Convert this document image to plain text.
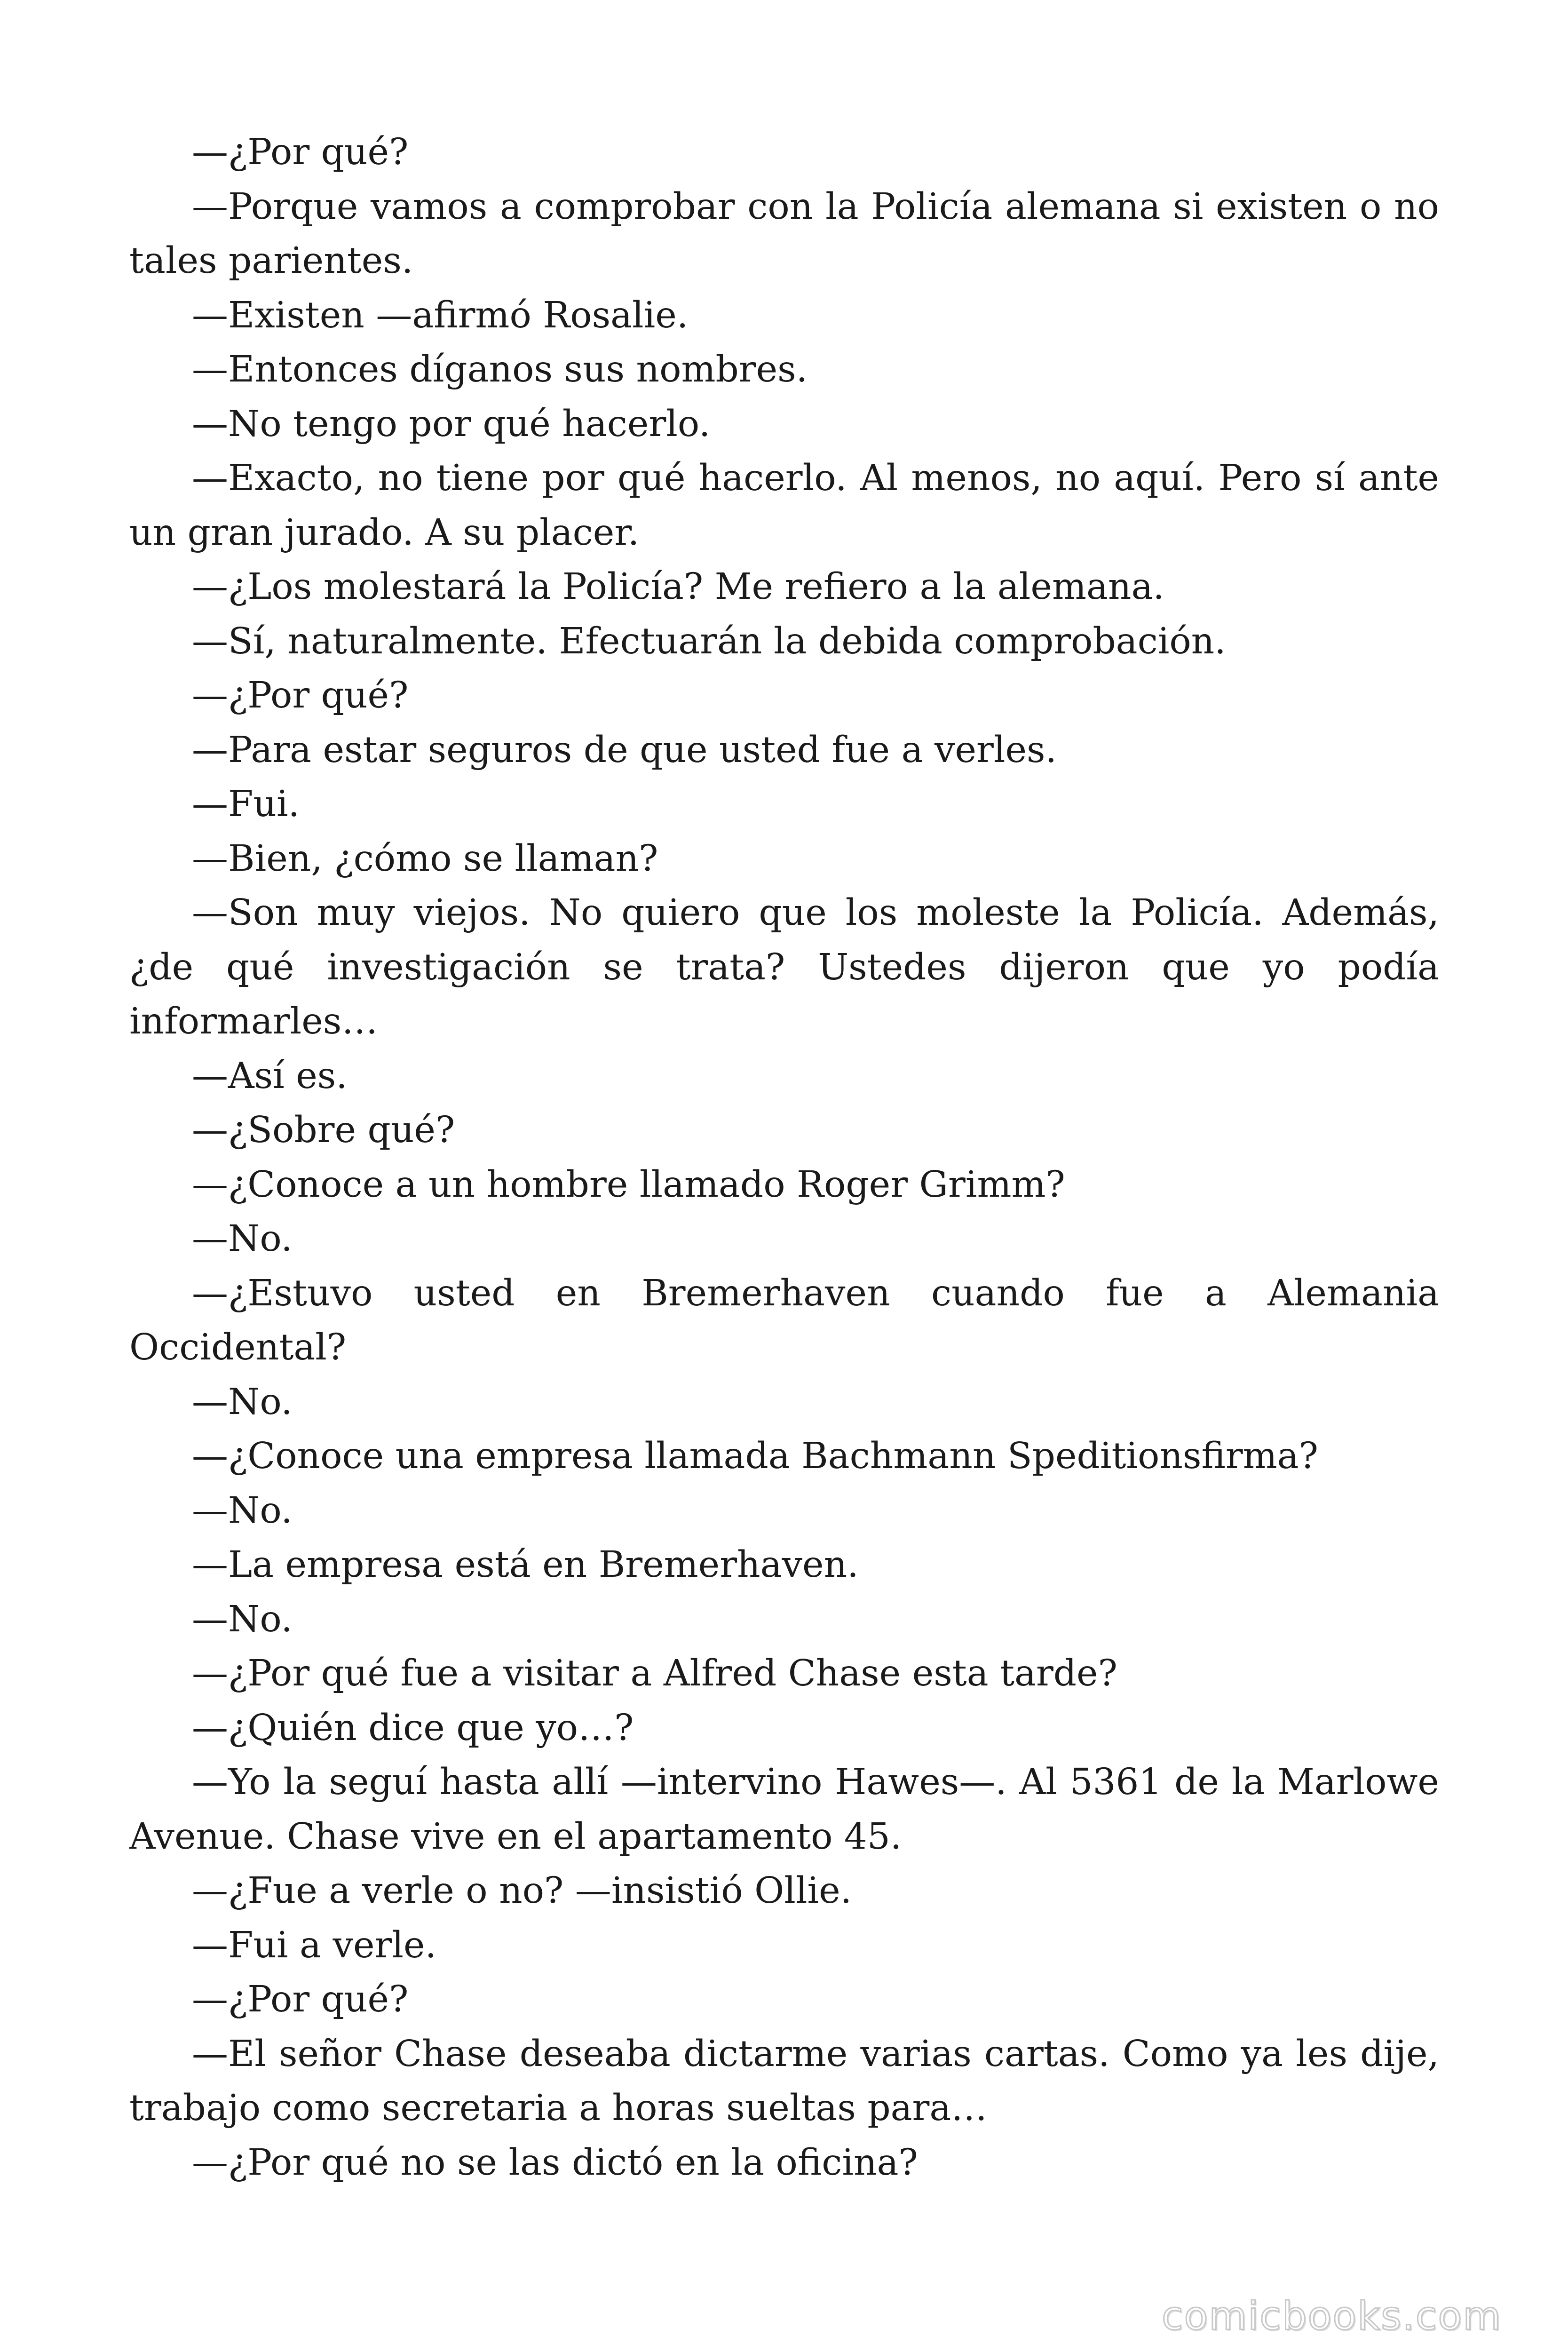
—¿Por qué?

—Porque vamos a comprobar con la Policía alemana si existen o no tales parientes.

—Existen —afirmó Rosalie.

—Entonces díganos sus nombres.

—No tengo por qué hacerlo.

—Exacto, no tiene por qué hacerlo. Al menos, no aquí. Pero sí ante un gran jurado. A su placer.

—¿Los molestará la Policía? Me refiero a la alemana.

—Sí, naturalmente. Efectuarán la debida comprobación.

—¿Por qué?

—Para estar seguros de que usted fue a verles.

—Fui.

—Bien, ¿cómo se llaman?

—Son muy viejos. No quiero que los moleste la Policía. Además, ¿de qué investigación se trata? Ustedes dijeron que yo podía informarles…

—Así es.

—¿Sobre qué?

—¿Conoce a un hombre llamado Roger Grimm?

—No.

—¿Estuvo usted en Bremerhaven cuando fue a Alemania Occidental?

—No.

—¿Conoce una empresa llamada Bachmann Speditionsfirma?

—No.

—La empresa está en Bremerhaven.

—No.

—¿Por qué fue a visitar a Alfred Chase esta tarde?

—¿Quién dice que yo…?

—Yo la seguí hasta allí —intervino Hawes—. Al 5361 de la Marlowe Avenue. Chase vive en el apartamento 45.

—¿Fue a verle o no? —insistió Ollie.

—Fui a verle.

—¿Por qué?

—El señor Chase deseaba dictarme varias cartas. Como ya les dije, trabajo como secretaria a horas sueltas para…

—¿Por qué no se las dictó en la oficina?

comicbooks.com
